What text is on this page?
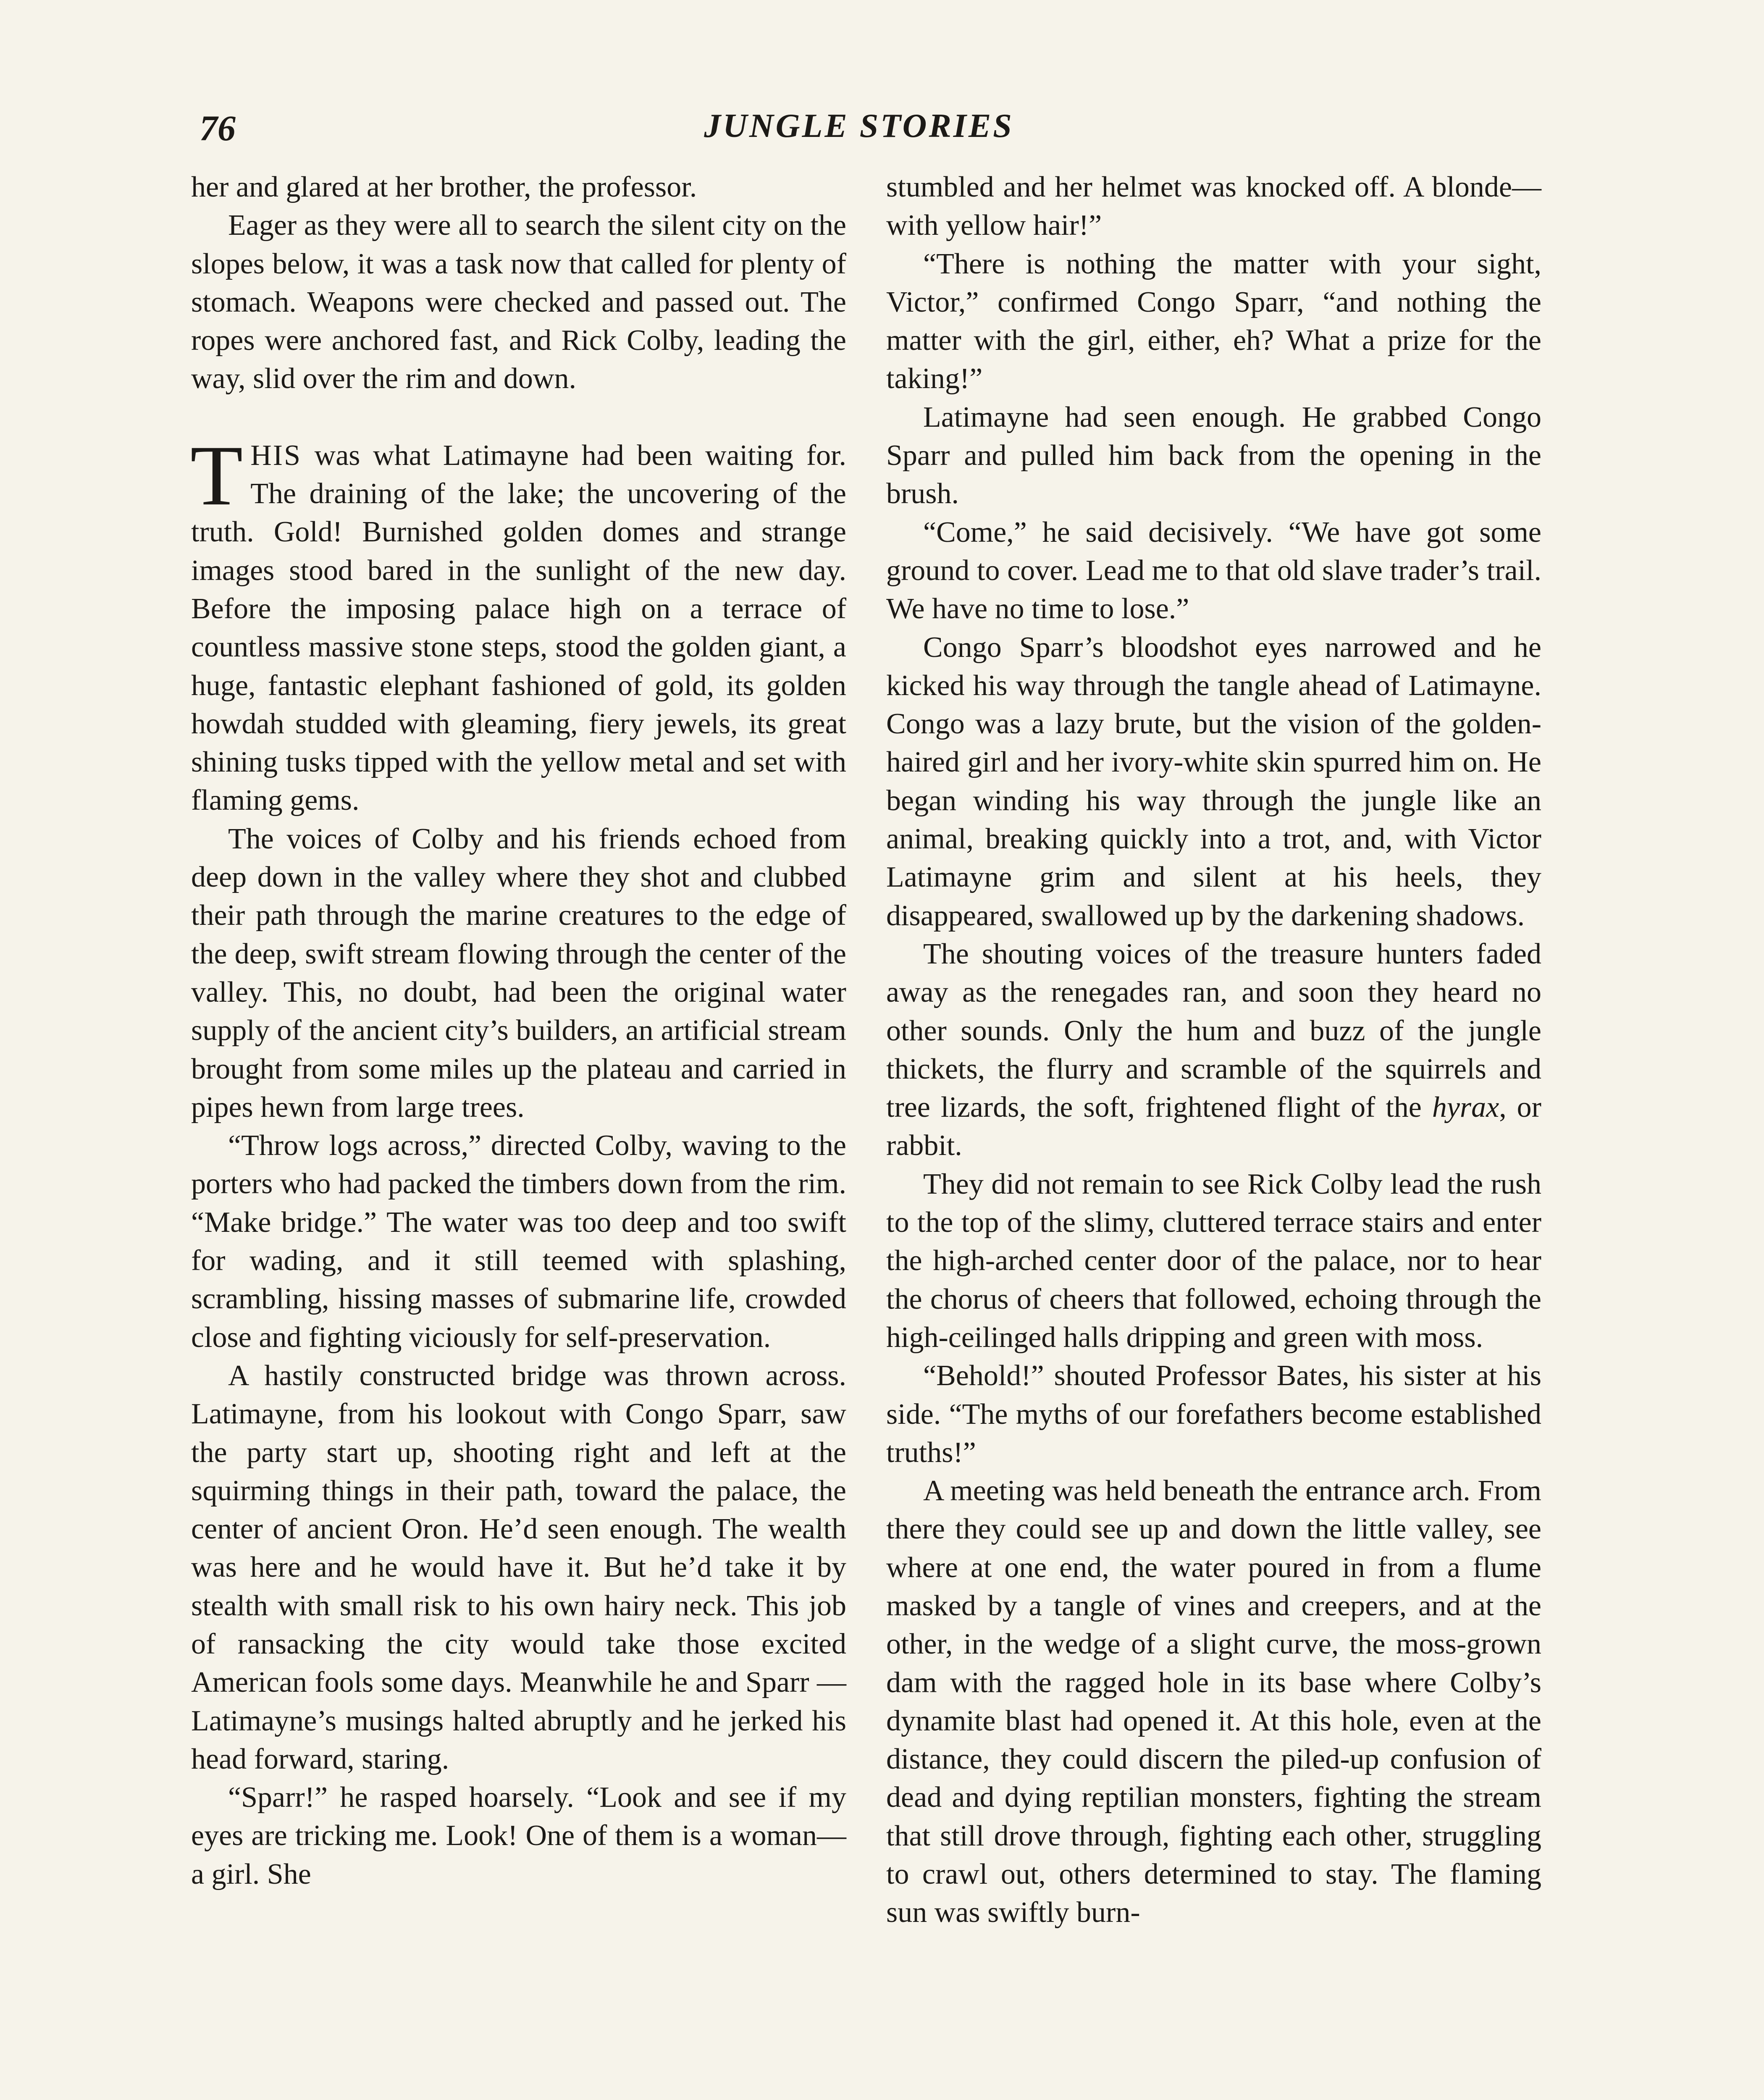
76	JUNGLE STORIES

her and glared at her brother, the professor.

Eager as they were all to search the silent city on the slopes below, it was a task now that called for plenty of stomach. Weapons were checked and passed out. The ropes were anchored fast, and Rick Colby, leading the way, slid over the rim and down.

THIS was what Latimayne had been waiting for. The draining of the lake; the uncovering of the truth. Gold! Burnished golden domes and strange images stood bared in the sunlight of the new day. Before the imposing palace high on a terrace of countless massive stone steps, stood the golden giant, a huge, fantastic elephant fashioned of gold, its golden howdah studded with gleaming, fiery jewels, its great shining tusks tipped with the yellow metal and set with flaming gems.

The voices of Colby and his friends echoed from deep down in the valley where they shot and clubbed their path through the marine creatures to the edge of the deep, swift stream flowing through the center of the valley. This, no doubt, had been the original water supply of the ancient city’s builders, an artificial stream brought from some miles up the plateau and carried in pipes hewn from large trees.

“Throw logs across,” directed Colby, waving to the porters who had packed the timbers down from the rim. “Make bridge.” The water was too deep and too swift for wading, and it still teemed with splashing, scrambling, hissing masses of submarine life, crowded close and fighting viciously for self-preservation.

A hastily constructed bridge was thrown across. Latimayne, from his lookout with Congo Sparr, saw the party start up, shooting right and left at the squirming things in their path, toward the palace, the center of ancient Oron. He’d seen enough. The wealth was here and he would have it. But he’d take it by stealth with small risk to his own hairy neck. This job of ransacking the city would take those excited American fools some days. Meanwhile he and Sparr —Latimayne’s musings halted abruptly and he jerked his head forward, staring.

“Sparr!” he rasped hoarsely. “Look and see if my eyes are tricking me. Look! One of them is a woman—a girl. She

stumbled and her helmet was knocked off. A blonde—with yellow hair!”

“There is nothing the matter with your sight, Victor,” confirmed Congo Sparr, “and nothing the matter with the girl, either, eh? What a prize for the taking!”

Latimayne had seen enough. He grabbed Congo Sparr and pulled him back from the opening in the brush.

“Come,” he said decisively. “We have got some ground to cover. Lead me to that old slave trader’s trail. We have no time to lose.”

Congo Sparr’s bloodshot eyes narrowed and he kicked his way through the tangle ahead of Latimayne. Congo was a lazy brute, but the vision of the golden-haired girl and her ivory-white skin spurred him on. He began winding his way through the jungle like an animal, breaking quickly into a trot, and, with Victor Latimayne grim and silent at his heels, they disappeared, swallowed up by the darkening shadows.

The shouting voices of the treasure hunters faded away as the renegades ran, and soon they heard no other sounds. Only the hum and buzz of the jungle thickets, the flurry and scramble of the squirrels and tree lizards, the soft, frightened flight of the hyrax, or rabbit.

They did not remain to see Rick Colby lead the rush to the top of the slimy, cluttered terrace stairs and enter the high-arched center door of the palace, nor to hear the chorus of cheers that followed, echoing through the high-ceilinged halls dripping and green with moss.

“Behold!” shouted Professor Bates, his sister at his side. “The myths of our forefathers become established truths!”

A meeting was held beneath the entrance arch. From there they could see up and down the little valley, see where at one end, the water poured in from a flume masked by a tangle of vines and creepers, and at the other, in the wedge of a slight curve, the moss-grown dam with the ragged hole in its base where Colby’s dynamite blast had opened it. At this hole, even at the distance, they could discern the piled-up confusion of dead and dying reptilian monsters, fighting the stream that still drove through, fighting each other, struggling to crawl out, others determined to stay. The flaming sun was swiftly burn-
